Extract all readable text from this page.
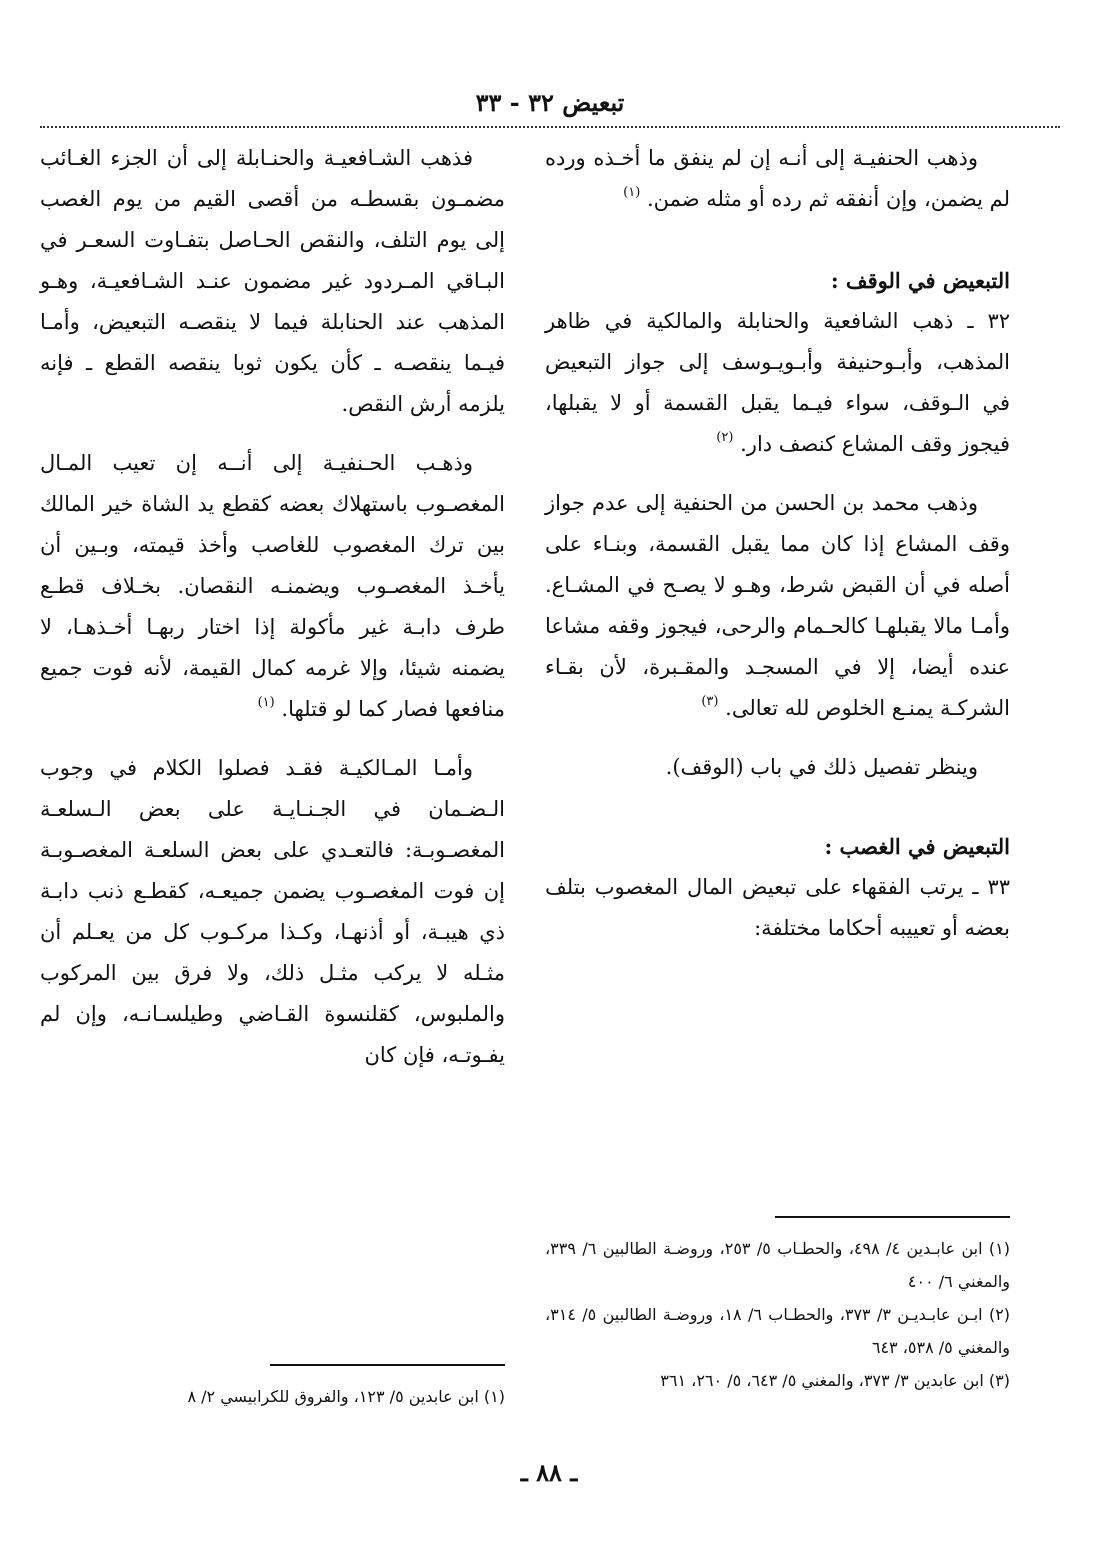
تبعيض ٣٢ - ٣٣

وذهب الحنفيـة إلى أنـه إن لم ينفق ما أخـذه ورده لم يضمن، وإن أنفقه ثم رده أو مثله ضمن. $^{(١)}$

التبعيض في الوقف :

٣٢ ـ ذهب الشافعية والحنابلة والمالكية في ظاهر المذهب، وأبـوحنيفة وأبـويـوسف إلى جواز التبعيض في الـوقف، سواء فيـما يقبل القسمة أو لا يقبلها، فيجوز وقف المشاع كنصف دار. $^{(٢)}$

وذهب محمد بن الحسن من الحنفية إلى عدم جواز وقف المشاع إذا كان مما يقبل القسمة، وبنـاء على أصله في أن القبض شرط، وهـو لا يصـح في المشـاع. وأمـا مالا يقبلهـا كالحـمام والرحى، فيجوز وقفه مشاعا عنده أيضا، إلا في المسجـد والمقـبرة، لأن بقـاء الشركـة يمنـع الخلوص لله تعالى. $^{(٣)}$

وينظر تفصيل ذلك في باب (الوقف).

التبعيض في الغصب :

٣٣ ـ يرتب الفقهاء على تبعيض المال المغصوب بتلف بعضه أو تعييبه أحكاما مختلفة:

فذهب الشـافعيـة والحنـابلة إلى أن الجزء الغـائب مضمـون بقسطـه من أقصى القيم من يوم الغصب إلى يوم التلف، والنقص الحـاصل بتفـاوت السعـر في البـاقي المـردود غير مضمون عنـد الشـافعيـة، وهـو المذهب عند الحنابلة فيما لا ينقصـه التبعيض، وأمـا فيـما ينقصـه ـ كأن يكون ثوبا ينقصه القطع ـ فإنه يلزمه أرش النقص.

وذهـب الحـنفيـة إلى أنــه إن تعيب المـال المغصـوب باستهلاك بعضه كقطع يد الشاة خير المالك بين ترك المغصوب للغاصب وأخذ قيمته، وبـين أن يأخـذ المغصـوب ويضمنـه النقصان. بخـلاف قطـع طرف دابـة غير مأكولة إذا اختار ربهـا أخـذهـا، لا يضمنه شيئا، وإلا غرمه كمال القيمة، لأنه فوت جميع منافعها فصار كما لو قتلها. $^{(١)}$

وأمـا المـالكيـة فقـد فصلوا الكلام في وجوب الـضـمان في الجـنـايـة على بعض الـسلعـة المغصـوبـة: فالتعـدي على بعض السلعـة المغصـوبـة إن فوت المغصـوب يضمن جميعـه، كقطـع ذنب دابـة ذي هيبـة، أو أذنهـا، وكـذا مركـوب كل من يعـلم أن مثـله لا يركب مثـل ذلك، ولا فرق بين المركوب والملبوس، كقلنسوة القـاضي وطيلسـانـه، وإن لم يفـوتـه، فإن كان

(١) ابن عابـدين ٤/ ٤٩٨، والحطـاب ٥/ ٢٥٣، وروضـة الطالبين ٦/ ٣٣٩، والمغني ٦/ ٤٠٠

(٢) ابـن عابـديـن ٣/ ٣٧٣، والحطـاب ٦/ ١٨، وروضـة الطالبين ٥/ ٣١٤، والمغني ٥/ ٥٣٨، ٦٤٣

(٣) ابن عابدين ٣/ ٣٧٣، والمغني ٥/ ٦٤٣، ٥/ ٢٦٠، ٣٦١

(١) ابن عابدين ٥/ ١٢٣، والفروق للكرابيسي ٢/ ٨

ـ ٨٨ ـ
